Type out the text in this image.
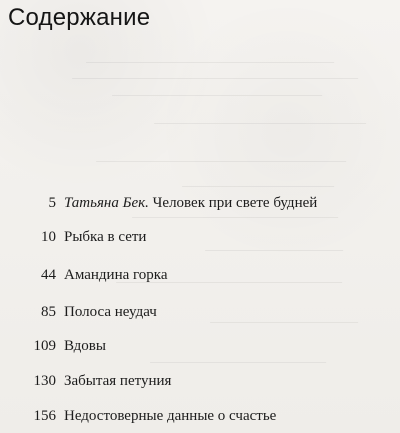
Содержание
5 Татьяна Бек. Человек при свете будней
10 Рыбка в сети
44 Амандина горка
85 Полоса неудач
109 Вдовы
130 Забытая петуния
156 Недостоверные данные о счастье
